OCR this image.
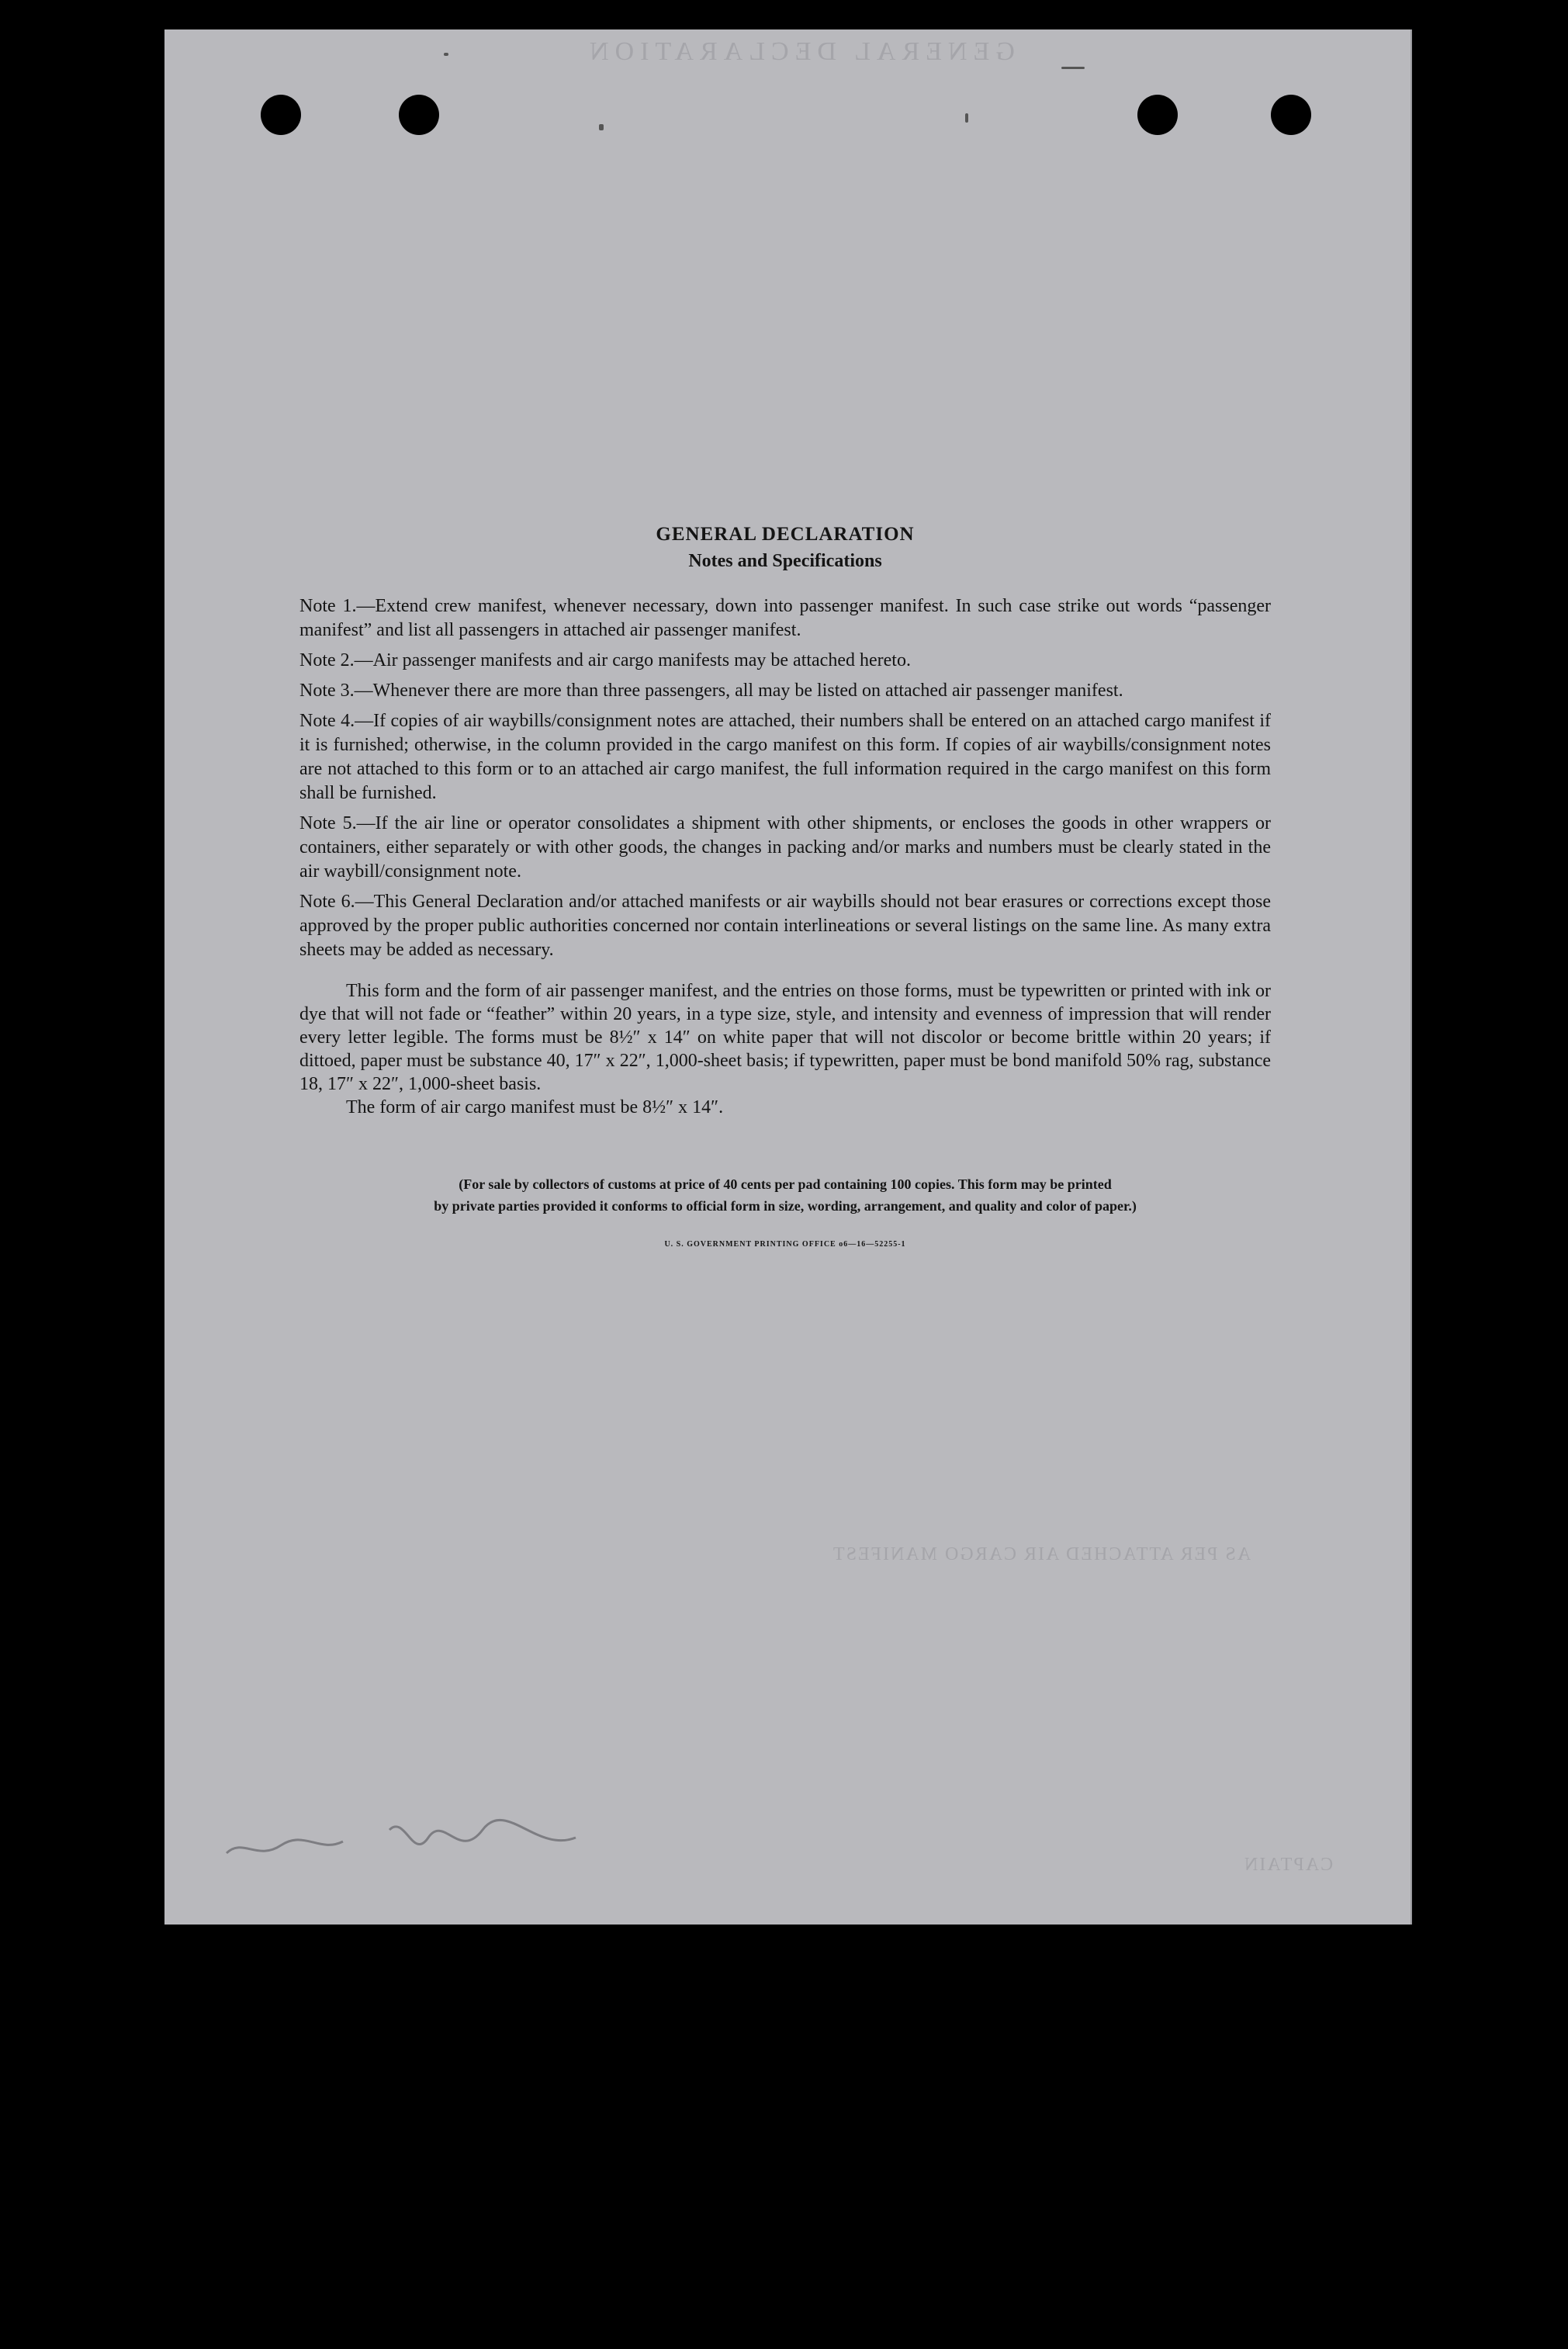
GENERAL DECLARATION
AS PER ATTACHED AIR CARGO MANIFEST
CAPTAIN

GENERAL DECLARATION

Notes and Specifications

Note 1.—Extend crew manifest, whenever necessary, down into passenger manifest. In such case strike out words “passenger manifest” and list all passengers in attached air passenger manifest.
Note 2.—Air passenger manifests and air cargo manifests may be attached hereto.
Note 3.—Whenever there are more than three passengers, all may be listed on attached air passenger manifest.
Note 4.—If copies of air waybills/consignment notes are attached, their numbers shall be entered on an attached cargo manifest if it is furnished; otherwise, in the column provided in the cargo manifest on this form. If copies of air waybills/consignment notes are not attached to this form or to an attached air cargo manifest, the full information required in the cargo manifest on this form shall be furnished.
Note 5.—If the air line or operator consolidates a shipment with other shipments, or encloses the goods in other wrappers or containers, either separately or with other goods, the changes in packing and/or marks and numbers must be clearly stated in the air waybill/consignment note.
Note 6.—This General Declaration and/or attached manifests or air waybills should not bear erasures or corrections except those approved by the proper public authorities concerned nor contain interlineations or several listings on the same line. As many extra sheets may be added as necessary.

This form and the form of air passenger manifest, and the entries on those forms, must be typewritten or printed with ink or dye that will not fade or “feather” within 20 years, in a type size, style, and intensity and evenness of impression that will render every letter legible. The forms must be 8½″ x 14″ on white paper that will not discolor or become brittle within 20 years; if dittoed, paper must be substance 40, 17″ x 22″, 1,000-sheet basis; if typewritten, paper must be bond manifold 50% rag, substance 18, 17″ x 22″, 1,000-sheet basis.

The form of air cargo manifest must be 8½″ x 14″.

(For sale by collectors of customs at price of 40 cents per pad containing 100 copies. This form may be printed
by private parties provided it conforms to official form in size, wording, arrangement, and quality and color of paper.)

U. S. GOVERNMENT PRINTING OFFICE o6—16—52255-1
